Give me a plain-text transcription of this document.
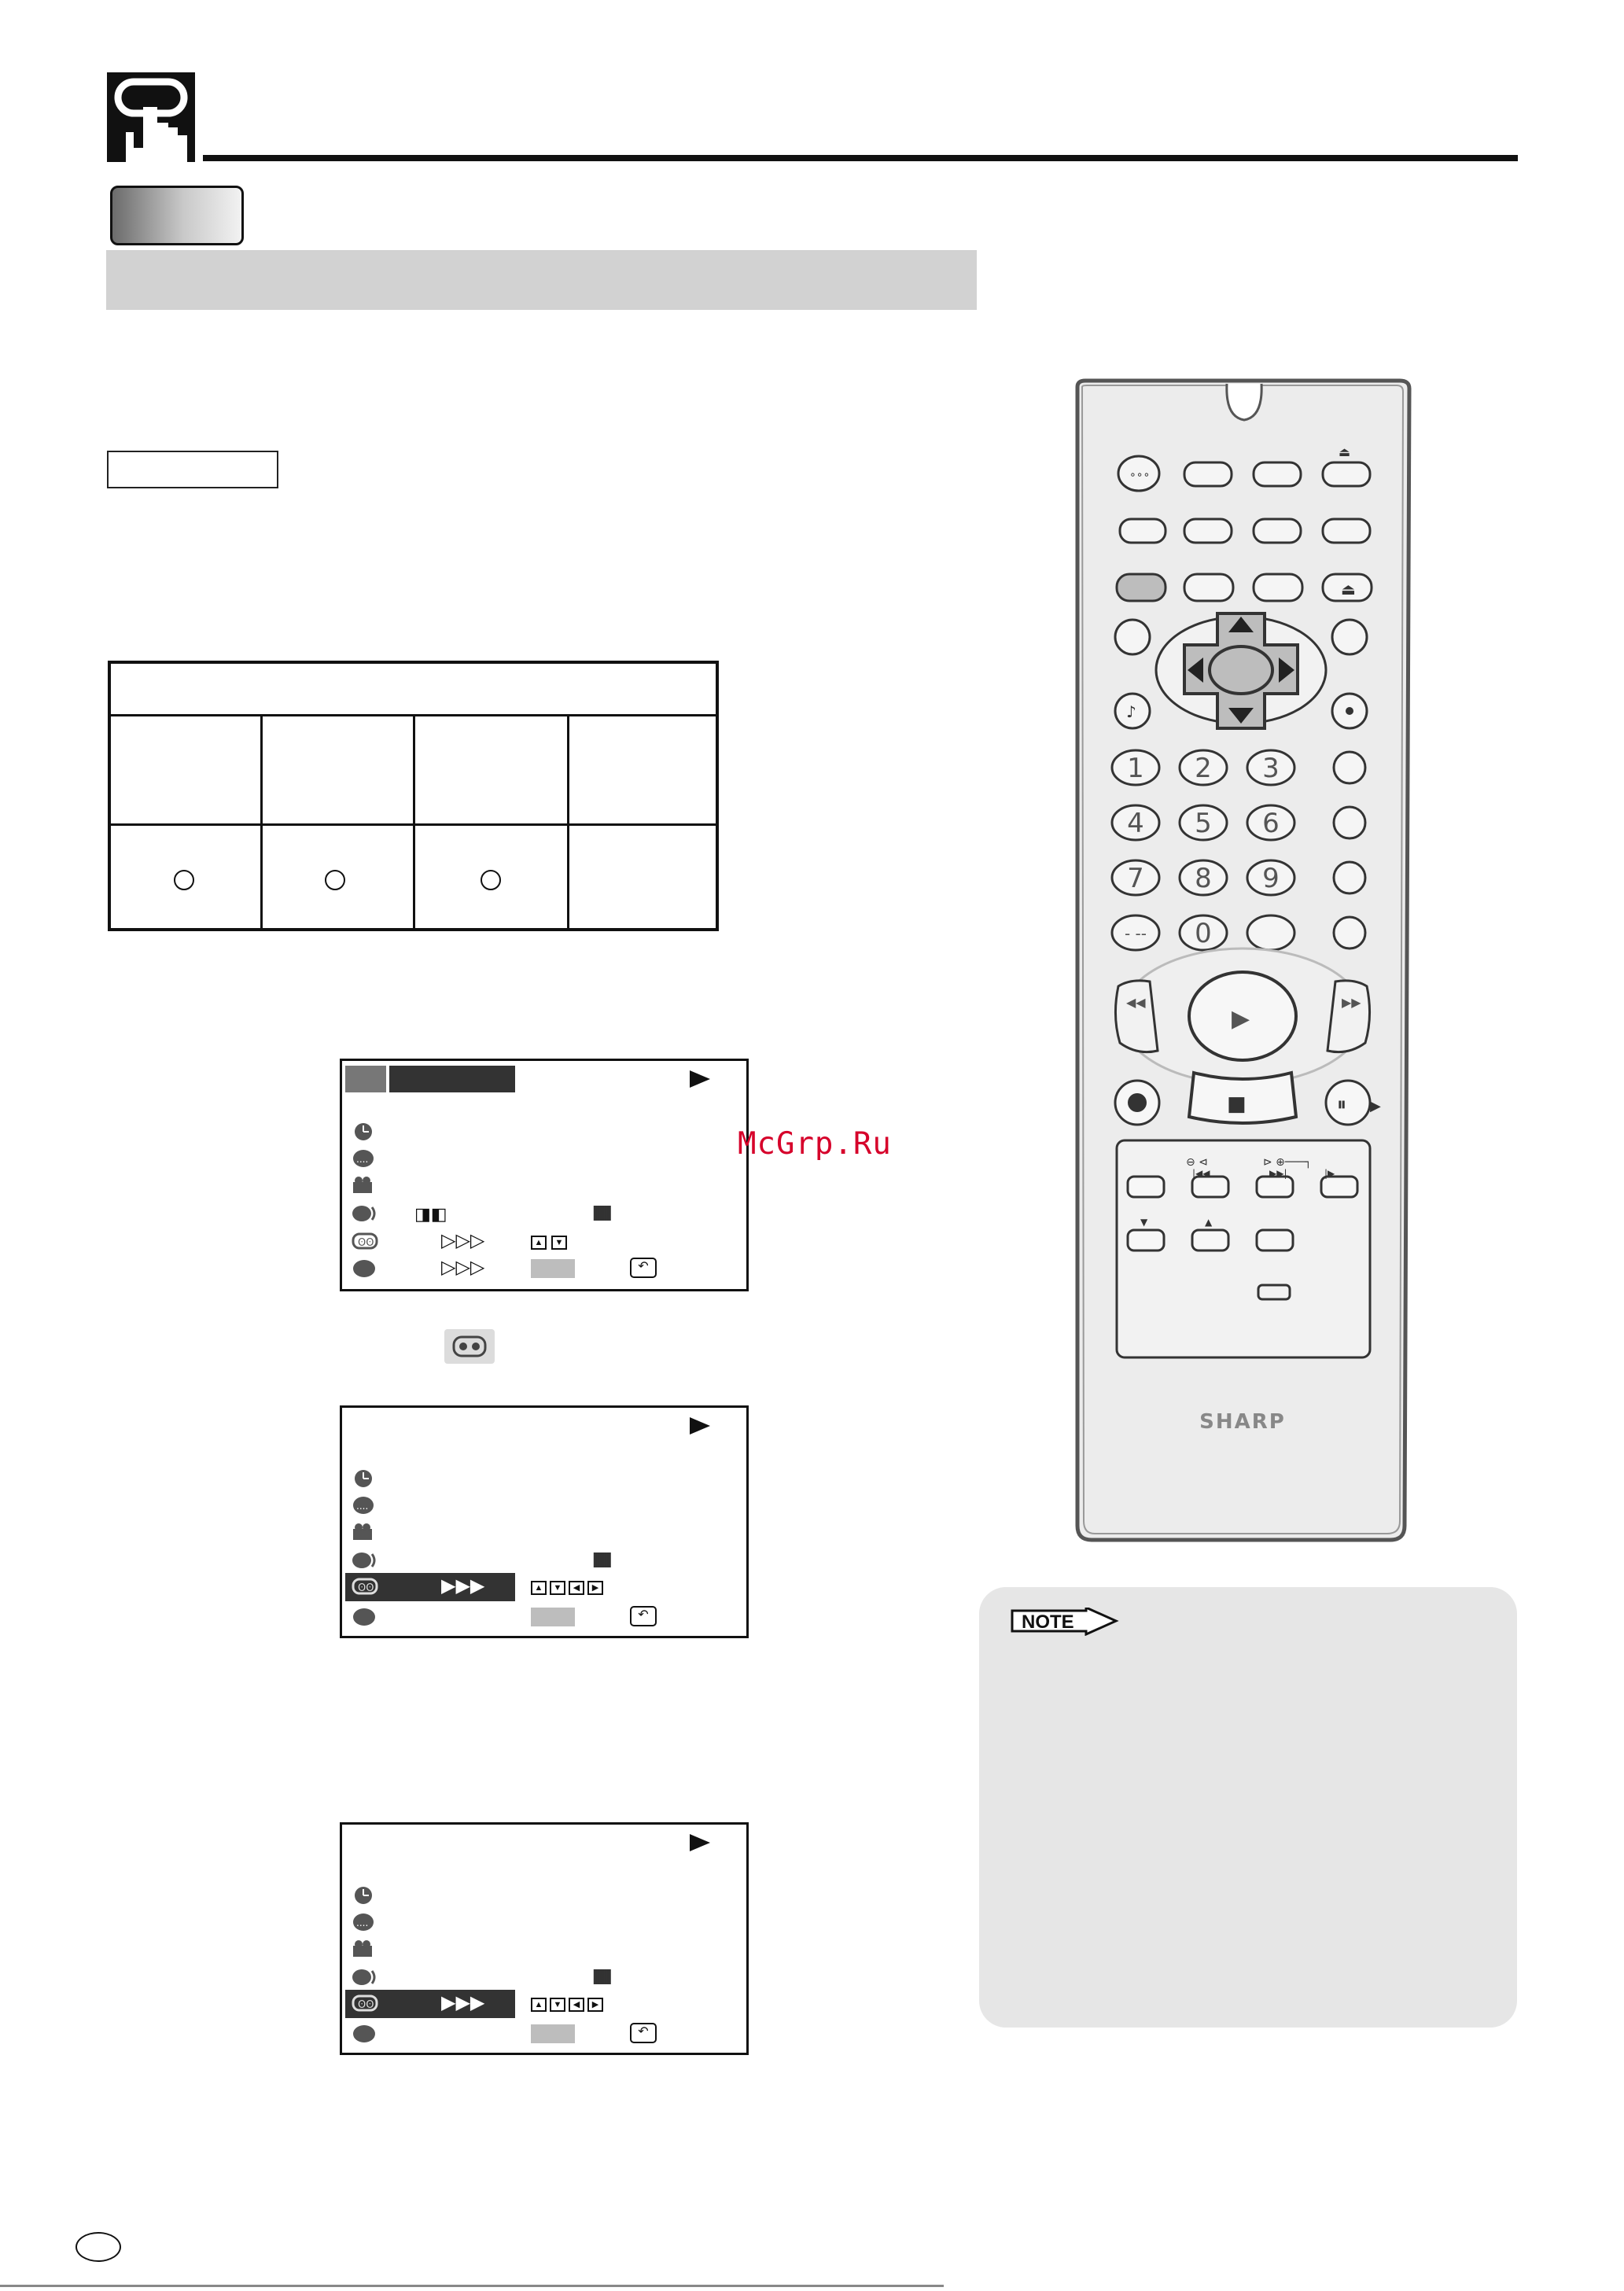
....
ʘʘ
◨◧	||||||||||||||||||
▷▷▷	▲	▼
▷▷▷	↶
McGrp.Ru
....
ʘʘ
||||||||||||||||||
▶▶▶	▲	▼	◀	▶
↶
....
ʘʘ
||||||||||||||||||
▶▶▶	▲	▼	◀	▶
↶
∘∘∘
⏏
⏏
♪
1 2 3
4 5 6
7 8 9
- -- 0
▶
■	⏸ ▶
◀◀	▶▶
⊖ ⊲	⊳ ⊕───┐
|◀◀	▶▶|	|▶
▼	▲
SHARP
NOTE
